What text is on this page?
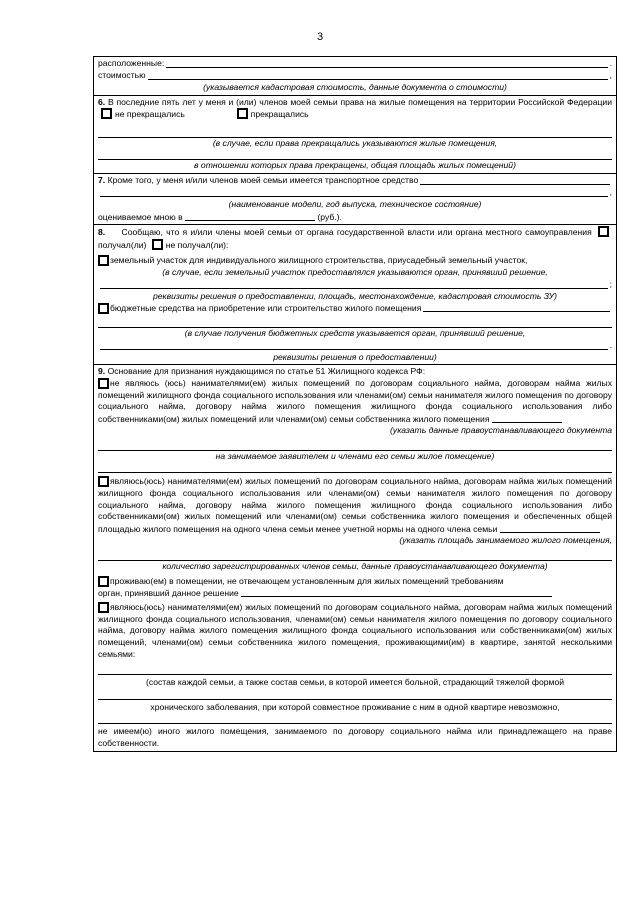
3
расположенные:	.
стоимостью	,

(указывается кадастровая стоимость, данные документа о стоимости)

6. В последние пять лет у меня и (или) членов моей семьи права на жилые помещения на территории Российской Федерации не прекращались	прекращались

(в случае, если права прекращались указываются жилые помещения,

в отношении которых права прекращены, общая площадь жилых помещений)

7.
Кроме того, у меня и/или членов моей семьи имеется транспортное средство
,

(наименование модели, год выпуска, техническое состояние)

оцениваемое мною в	(руб.).

8. Сообщаю, что я и/или члены моей семьи от органа государственной власти или органа местного самоуправления получал(ли) не получал(ли):

земельный участок для индивидуального жилищного строительства, приусадебный земельный участок,

(в случае, если земельный участок предоставлялся указываются орган, принявший решение,

;

реквизиты решения о предоставлении, площадь, местонахождение, кадастровая стоимость ЗУ)

бюджетные средства на приобретение или строительство жилого помещения

(в случае получения бюджетных средств указывается орган, принявший решение,

.

реквизиты решения о предоставлении)

9. Основание для признания нуждающимся по статье 51 Жилищного кодекса РФ:

не являюсь (юсь) нанимателями(ем) жилых помещений по договорам социального найма, договорам найма жилых помещений жилищного фонда социального использования или членами(ом) семьи нанимателя жилого помещения по договору социального найма, договору найма жилого помещения жилищного фонда социального использования либо собственниками(ом) жилых помещений или членами(ом) семьи собственника жилого помещения

(указать данные правоустанавливающего документа

на занимаемое заявителем и членами его семьи жилое помещение)

являюсь(юсь) нанимателями(ем) жилых помещений по договорам социального найма, договорам найма жилых помещений жилищного фонда социального использования или членами(ом) семьи нанимателя жилого помещения по договору социального найма, договору найма жилого помещения жилищного фонда социального использования либо собственниками(ом) жилых помещений или членами(ом) семьи собственника жилого помещения и обеспеченных общей площадью жилого помещения на одного члена семьи менее учетной нормы на одного члена семьи

(указать площадь занимаемого жилого помещения,

количество зарегистрированных членов семьи, данные правоустанавливающего документа)

проживаю(ем) в помещении, не отвечающем установленным для жилых помещений требованиям

орган, принявший данное решение

являюсь(юсь) нанимателями(ем) жилых помещений по договорам социального найма, договорам найма жилых помещений жилищного фонда социального использования, членами(ом) семьи нанимателя жилого помещения по договору социального найма, договору найма жилого помещения жилищного фонда социального использования или собственниками(ом) жилых помещений, членами(ом) семьи собственника жилого помещения, проживающими(им) в квартире, занятой несколькими семьями:

(состав каждой семьи, а также состав семьи, в которой имеется больной, страдающий тяжелой формой

хронического заболевания, при которой совместное проживание с ним в одной квартире невозможно,

не имеем(ю) иного жилого помещения, занимаемого по договору социального найма или принадлежащего на праве собственности.
